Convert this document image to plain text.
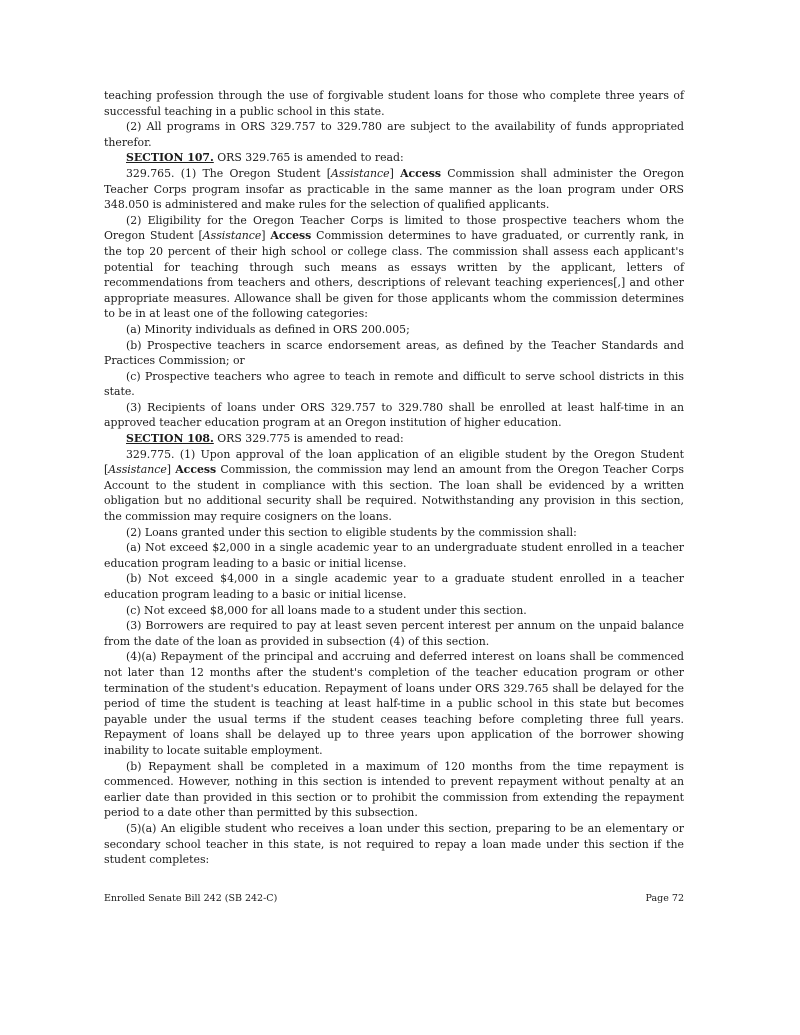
teaching profession through the use of forgivable student loans for those who complete three years of successful teaching in a public school in this state.

(2) All programs in ORS 329.757 to 329.780 are subject to the availability of funds appropriated therefor.

SECTION 107. ORS 329.765 is amended to read:

329.765. (1) The Oregon Student [Assistance] Access Commission shall administer the Oregon Teacher Corps program insofar as practicable in the same manner as the loan program under ORS 348.050 is administered and make rules for the selection of qualified applicants.

(2) Eligibility for the Oregon Teacher Corps is limited to those prospective teachers whom the Oregon Student [Assistance] Access Commission determines to have graduated, or currently rank, in the top 20 percent of their high school or college class. The commission shall assess each applicant's potential for teaching through such means as essays written by the applicant, letters of recommendations from teachers and others, descriptions of relevant teaching experiences[,] and other appropriate measures. Allowance shall be given for those applicants whom the commission determines to be in at least one of the following categories:

(a) Minority individuals as defined in ORS 200.005;

(b) Prospective teachers in scarce endorsement areas, as defined by the Teacher Standards and Practices Commission; or

(c) Prospective teachers who agree to teach in remote and difficult to serve school districts in this state.

(3) Recipients of loans under ORS 329.757 to 329.780 shall be enrolled at least half-time in an approved teacher education program at an Oregon institution of higher education.

SECTION 108. ORS 329.775 is amended to read:

329.775. (1) Upon approval of the loan application of an eligible student by the Oregon Student [Assistance] Access Commission, the commission may lend an amount from the Oregon Teacher Corps Account to the student in compliance with this section. The loan shall be evidenced by a written obligation but no additional security shall be required. Notwithstanding any provision in this section, the commission may require cosigners on the loans.

(2) Loans granted under this section to eligible students by the commission shall:

(a) Not exceed $2,000 in a single academic year to an undergraduate student enrolled in a teacher education program leading to a basic or initial license.

(b) Not exceed $4,000 in a single academic year to a graduate student enrolled in a teacher education program leading to a basic or initial license.

(c) Not exceed $8,000 for all loans made to a student under this section.

(3) Borrowers are required to pay at least seven percent interest per annum on the unpaid balance from the date of the loan as provided in subsection (4) of this section.

(4)(a) Repayment of the principal and accruing and deferred interest on loans shall be commenced not later than 12 months after the student's completion of the teacher education program or other termination of the student's education. Repayment of loans under ORS 329.765 shall be delayed for the period of time the student is teaching at least half-time in a public school in this state but becomes payable under the usual terms if the student ceases teaching before completing three full years. Repayment of loans shall be delayed up to three years upon application of the borrower showing inability to locate suitable employment.

(b) Repayment shall be completed in a maximum of 120 months from the time repayment is commenced. However, nothing in this section is intended to prevent repayment without penalty at an earlier date than provided in this section or to prohibit the commission from extending the repayment period to a date other than permitted by this subsection.

(5)(a) An eligible student who receives a loan under this section, preparing to be an elementary or secondary school teacher in this state, is not required to repay a loan made under this section if the student completes:

Enrolled Senate Bill 242 (SB 242-C)	Page 72
